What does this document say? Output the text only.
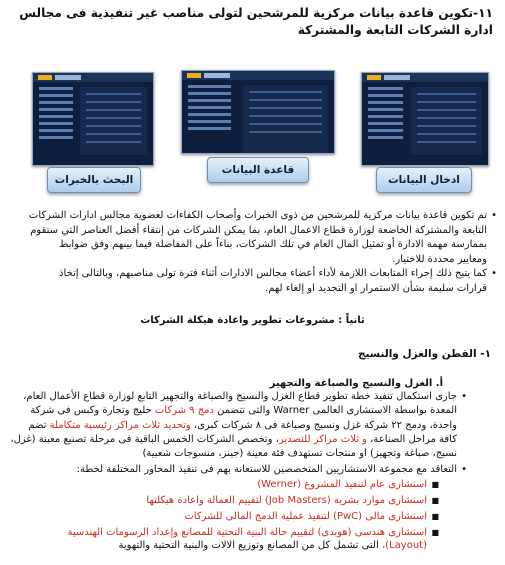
١١-تكوين قاعدة بيانات مركزية للمرشحين لتولى مناصب غير تنفيذية فى مجالس ادارة الشركات التابعة والمشتركة
ادخال البيانات
قاعدة البيانات
البحث بالخبرات
•
تم تكوين قاعدة بيانات مركزية للمرشحين من ذوى الخبرات وأصحاب الكفاءات لعضوية مجالس ادارات الشركات التابعة والمشتركة الخاضعة لوزارة قطاع الاعمال العام، بما يمكن الشركات من إنتقاء أفضل العناصر التي ستقوم بممارسة مهمة الادارة أو تمثيل المال العام في تلك الشركات، بناءاً على المفاضلة فيما بينهم وفق ضوابط ومعايير محددة للاختيار.
•
كما يتيح ذلك إجراء المتابعات اللازمة لأداء أعضاء مجالس الادارات أثناء فترة تولى مناصبهم، وبالتالى إتخاذ قرارات سليمة بشأن الاستمرار او التجديد او إلغاء لهم.
ثانياً : مشروعات تطوير واعادة هيكلة الشركات
١- القطن والغزل والنسيج
أ. الغزل والنسيج والصباغة والتجهيز
•
جارى استكمال تنفيذ خطة تطوير قطاع الغزل والنسيج والصباغة والتجهيز التابع لوزارة قطاع الأعمال العام، المعدة بواسطة الاستشارى العالمى Warner والتى تتضمن دمج ٩ شركات حليج وتجارة وكبس فى شركة واحدة، ودمج ٢٢ شركة غزل ونسيج وصباغة فى ٨ شركات كبرى، وتحديد ثلاث مراكز رئيسية متكاملة تضم كافة مراحل الصناعة، و ثلاث مراكز للتصدير، وتخصص الشركات الخمس الباقية فى مرحلة تصنيع معينة (غزل، نسيج، صباغة وتجهيز) او منتجات تستهدف فئة معينة (جينز، منسوجات شعبية)
•
التعاقد مع مجموعة الاستشاريين المتخصصين للاستعانة بهم فى تنفيذ المحاور المختلفة لخطة:
■
استشارى عام لتنفيذ المشروع (Werner)
■
استشارى موارد بشرية (Job Masters) لتقييم العمالة واعادة هيكلتها
■
استشارى مالى (PwC) لتنفيذ عملية الدمج المالى للشركات
■
استشارى هندسى (هوبدى) لتقييم حالة البنية التحتية للمصانع وإعداد الرسومات الهندسية (Layout)، التى تشمل كل من المصانع وتوزيع الالات والبنية التحتية والتهوية
